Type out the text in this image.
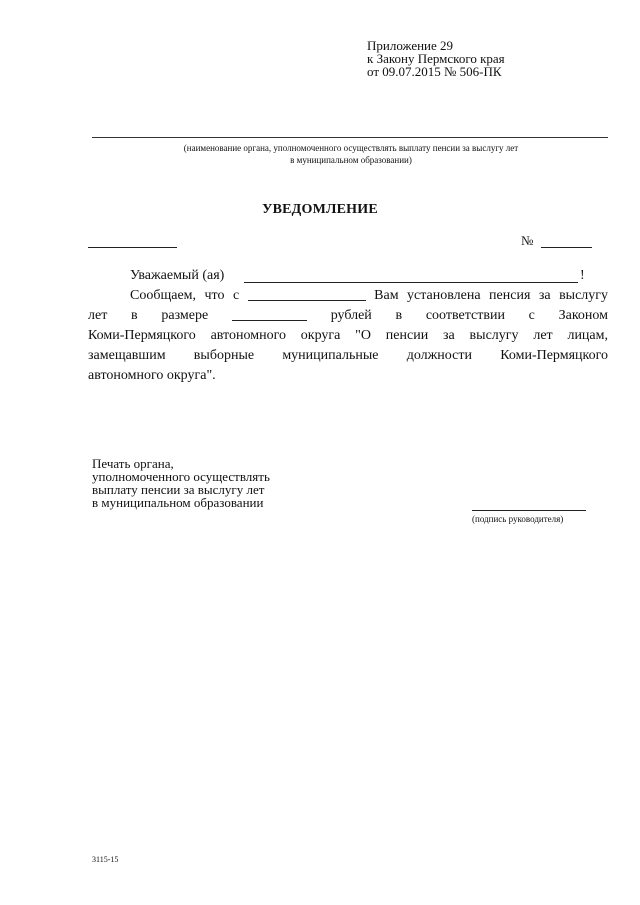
Приложение 29
к Закону Пермского края
от 09.07.2015 № 506-ПК
(наименование органа, уполномоченного осуществлять выплату пенсии за выслугу лет
в муниципальном образовании)
УВЕДОМЛЕНИЕ
№
Уважаемый (ая)	!
Сообщаем, что с	Вам установлена пенсия за выслугу
лет в размере	рублей в соответствии с Законом
Коми-Пермяцкого автономного округа "О пенсии за выслугу лет лицам,
замещавшим выборные муниципальные должности Коми-Пермяцкого
автономного округа".
Печать органа,
уполномоченного осуществлять
выплату пенсии за выслугу лет
в муниципальном образовании
(подпись руководителя)
3115-15
